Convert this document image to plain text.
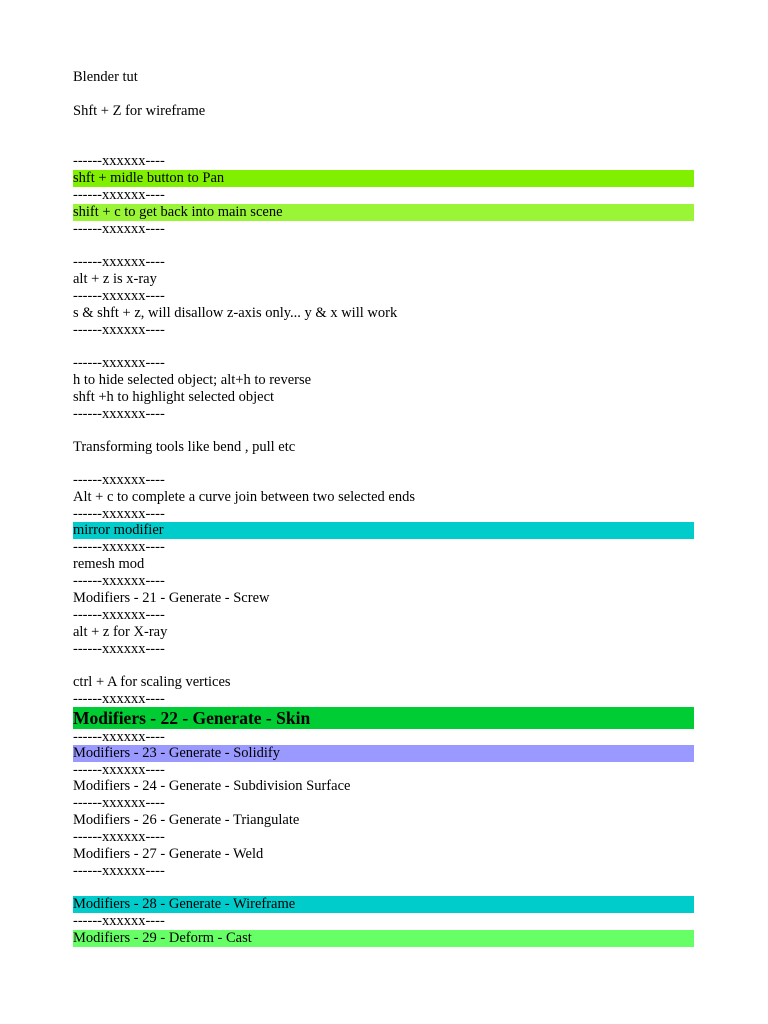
Blender tut
Shft + Z for wireframe
------xxxxxx----
shft + midle button to Pan
------xxxxxx----
shift + c to get back into main scene
------xxxxxx----
------xxxxxx----
alt + z is x-ray
------xxxxxx----
s & shft + z, will disallow z-axis only... y & x will work
------xxxxxx----
------xxxxxx----
h to hide selected object; alt+h to reverse
shft +h to highlight selected object
------xxxxxx----
Transforming tools like bend , pull etc
------xxxxxx----
Alt + c to complete a curve join between two selected ends
------xxxxxx----
mirror modifier
------xxxxxx----
remesh mod
------xxxxxx----
Modifiers - 21 - Generate - Screw
------xxxxxx----
alt + z for X-ray
------xxxxxx----
ctrl + A for scaling vertices
------xxxxxx----
Modifiers - 22 - Generate - Skin
------xxxxxx----
Modifiers - 23 - Generate - Solidify
------xxxxxx----
Modifiers - 24 - Generate - Subdivision Surface
------xxxxxx----
Modifiers - 26 - Generate - Triangulate
------xxxxxx----
Modifiers - 27 - Generate - Weld
------xxxxxx----
Modifiers - 28 - Generate - Wireframe
------xxxxxx----
Modifiers - 29 - Deform - Cast
